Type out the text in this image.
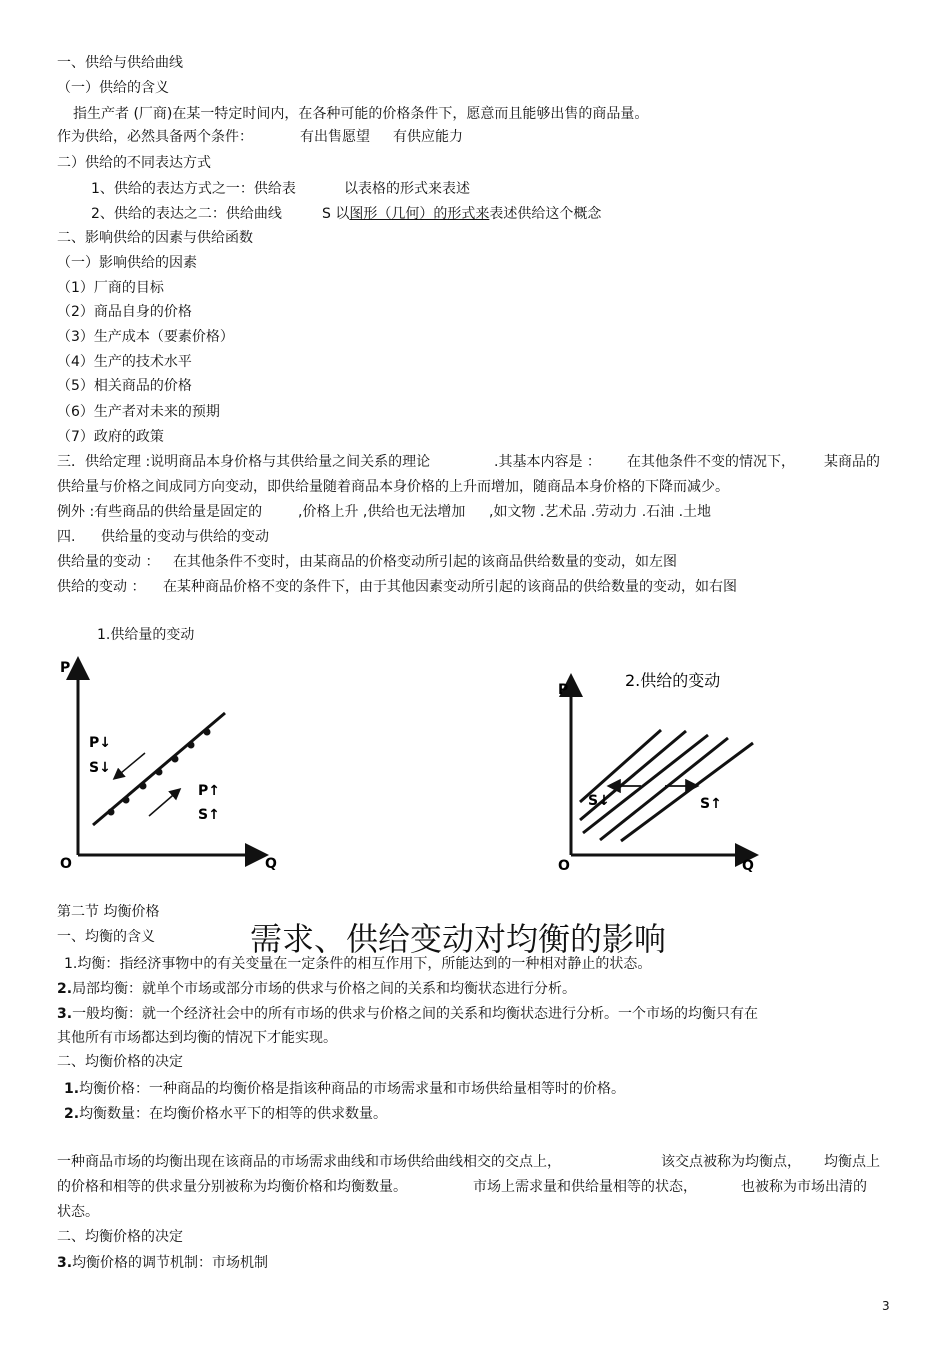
一、供给与供给曲线
（一）供给的含义
指生产者 (厂商)在某一特定时间内，在各种可能的价格条件下，愿意而且能够出售的商品量。
作为供给，必然具备两个条件：	有出售愿望 有供应能力
二）供给的不同表达方式
1、供给的表达方式之一：供给表	以表格的形式来表述
2、供给的表达之二：供给曲线	S 以图形（几何）的形式来表述供给这个概念
二、影响供给的因素与供给函数
（一）影响供给的因素
（1）厂商的目标
（2）商品自身的价格
（3）生产成本（要素价格）
（4）生产的技术水平
（5）相关商品的价格
（6）生产者对未来的预期
（7）政府的政策
三．供给定理 :说明商品本身价格与其供给量之间关系的理论	.其基本内容是 ： 在其他条件不变的情况下， 某商品的
供给量与价格之间成同方向变动，即供给量随着商品本身价格的上升而增加，随商品本身价格的下降而减少。
例外 :有些商品的供给量是固定的	,价格上升 ,供给也无法增加 ,如文物 .艺术品 .劳动力 .石油 .土地
四. 供给量的变动与供给的变动
供给量的变动 ： 在其他条件不变时，由某商品的价格变动所引起的该商品供给数量的变动，如左图
供给的变动 ： 在某种商品价格不变的条件下，由于其他因素变动所引起的该商品的供给数量的变动，如右图
1.供给量的变动
P
Q
O
P↓
S↓
P↑
S↑
2.供给的变动
P
Q
O
S↓	S↑
第二节 均衡价格
一、均衡的含义	需求、供给变动对均衡的影响
1.均衡：指经济事物中的有关变量在一定条件的相互作用下，所能达到的一种相对静止的状态。
2.局部均衡：就单个市场或部分市场的供求与价格之间的关系和均衡状态进行分析。
3.一般均衡：就一个经济社会中的所有市场的供求与价格之间的关系和均衡状态进行分析。一个市场的均衡只有在
其他所有市场都达到均衡的情况下才能实现。
二、均衡价格的决定
1.均衡价格：一种商品的均衡价格是指该种商品的市场需求量和市场供给量相等时的价格。
2.均衡数量：在均衡价格水平下的相等的供求数量。
一种商品市场的均衡出现在该商品的市场需求曲线和市场供给曲线相交的交点上，	该交点被称为均衡点， 均衡点上
的价格和相等的供求量分别被称为均衡价格和均衡数量。	市场上需求量和供给量相等的状态，	也被称为市场出清的
状态。
二、均衡价格的决定
3.均衡价格的调节机制：市场机制
3
